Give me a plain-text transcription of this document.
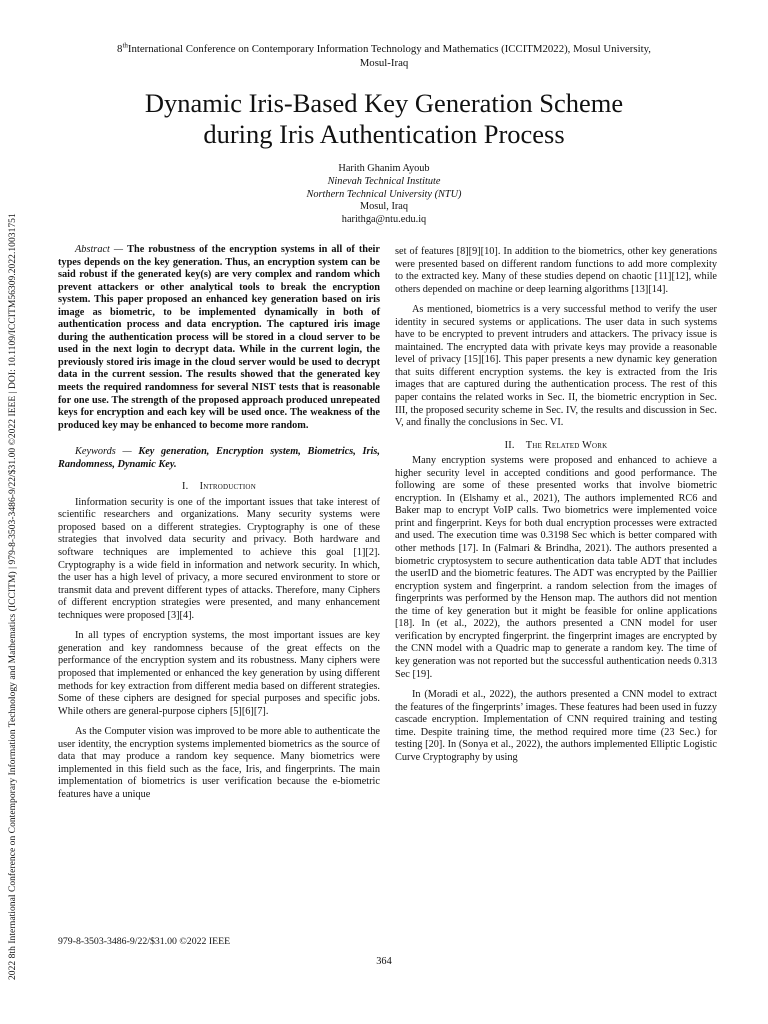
2022 8th International Conference on Contemporary Information Technology and Mathematics (ICCITM) | 979-8-3503-3486-9/22/$31.00 ©2022 IEEE | DOI: 10.1109/ICCITM56309.2022.10031751
8thInternational Conference on Contemporary Information Technology and Mathematics (ICCITM2022), Mosul University,
Mosul-Iraq
Dynamic Iris-Based Key Generation Scheme
during Iris Authentication Process
Harith Ghanim Ayoub
Ninevah Technical Institute
Northern Technical University (NTU)
Mosul, Iraq
harithga@ntu.edu.iq

Abstract — The robustness of the encryption systems in all of their types depends on the key generation. Thus, an encryption system can be said robust if the generated key(s) are very complex and random which prevent attackers or other analytical tools to break the encryption system. This paper proposed an enhanced key generation based on iris image as biometric, to be implemented dynamically in both of authentication process and data encryption. The captured iris image during the authentication process will be stored in a cloud server to be used in the next login to decrypt data. While in the current login, the previously stored iris image in the cloud server would be used to decrypt data in the current session. The results showed that the generated key meets the required randomness for several NIST tests that is reasonable for one use. The strength of the proposed approach produced unrepeated keys for encryption and each key will be used once. The weakness of the produced key may be enhanced to become more random.

Keywords — Key generation, Encryption system, Biometrics, Iris, Randomness, Dynamic Key.

I. Introduction

Iinformation security is one of the important issues that take interest of scientific researchers and organizations. Many security systems were proposed based on a different strategies. Cryptography is one of these strategies that involved data security and privacy. Both hardware and software techniques are implemented to achieve this goal [1][2]. Cryptography is a wide field in information and network security. In which, the user has a high level of privacy, a more secured environment to store or transmit data and prevent different types of attacks. Therefore, many Ciphers of different encryption strategies were presented, and many enhancement techniques were proposed [3][4].

In all types of encryption systems, the most important issues are key generation and key randomness because of the great effects on the performance of the encryption system and its robustness. Many ciphers were proposed that implemented or enhanced the key generation by using different methods for key extraction from different media based on different strategies. Some of these ciphers are designed for special purposes and specific jobs. While others are general-purpose ciphers [5][6][7].

As the Computer vision was improved to be more able to authenticate the user identity, the encryption systems implemented biometrics as the source of data that may produce a random key sequence. Many biometrics were implemented in this field such as the face, Iris, and fingerprints. The main implementation of biometrics is user verification because the e-biometric features have a unique

set of features [8][9][10]. In addition to the biometrics, other key generations were presented based on different random functions to add more complexity to the extracted key. Many of these studies depend on chaotic [11][12], while others depended on machine or deep learning algorithms [13][14].

As mentioned, biometrics is a very successful method to verify the user identity in secured systems or applications. The user data in such systems have to be encrypted to prevent intruders and attackers. The privacy issue is maintained. The encrypted data with private keys may provide a reasonable level of privacy [15][16]. This paper presents a new dynamic key generation that suits different encryption systems. the key is extracted from the Iris images that are captured during the authentication process. The rest of this paper contains the related works in Sec. II, the biometric encryption in Sec. III, the proposed security scheme in Sec. IV, the results and discussion in Sec. V, and finally the conclusions in Sec. VI.

II. The Related Work

Many encryption systems were proposed and enhanced to achieve a higher security level in accepted conditions and good performance. The following are some of these presented works that involve biometric encryption. In (Elshamy et al., 2021), The authors implemented RC6 and Baker map to encrypt VoIP calls. Two biometrics were implemented voice print and fingerprint. Keys for both dual encryption processes were extracted and used. The execution time was 0.3198 Sec which is better compared with other methods [17]. In (Falmari & Brindha, 2021). The authors presented a biometric cryptosystem to secure authentication data table ADT that includes the userID and the biometric features. The ADT was encrypted by the Paillier encryption system and fingerprint. a random selection from the images of fingerprints was performed by the Henson map. The authors did not mention the time of key generation but it might be feasible for online applications [18]. In (et al., 2022), the authors presented a CNN model for user verification by encrypted fingerprint. the fingerprint images are encrypted by the CNN model with a Quadric map to generate a random key. The time of key generation was not reported but the successful authentication needs 0.313 Sec [19].

In (Moradi et al., 2022), the authors presented a CNN model to extract the features of the fingerprints’ images. These features had been used in fuzzy cascade encryption. Implementation of CNN required training and testing time. Despite training time, the method required more time (23 Sec.) for testing [20]. In (Sonya et al., 2022), the authors implemented Elliptic Logistic Curve Cryptography by using

979-8-3503-3486-9/22/$31.00 ©2022 IEEE
364
